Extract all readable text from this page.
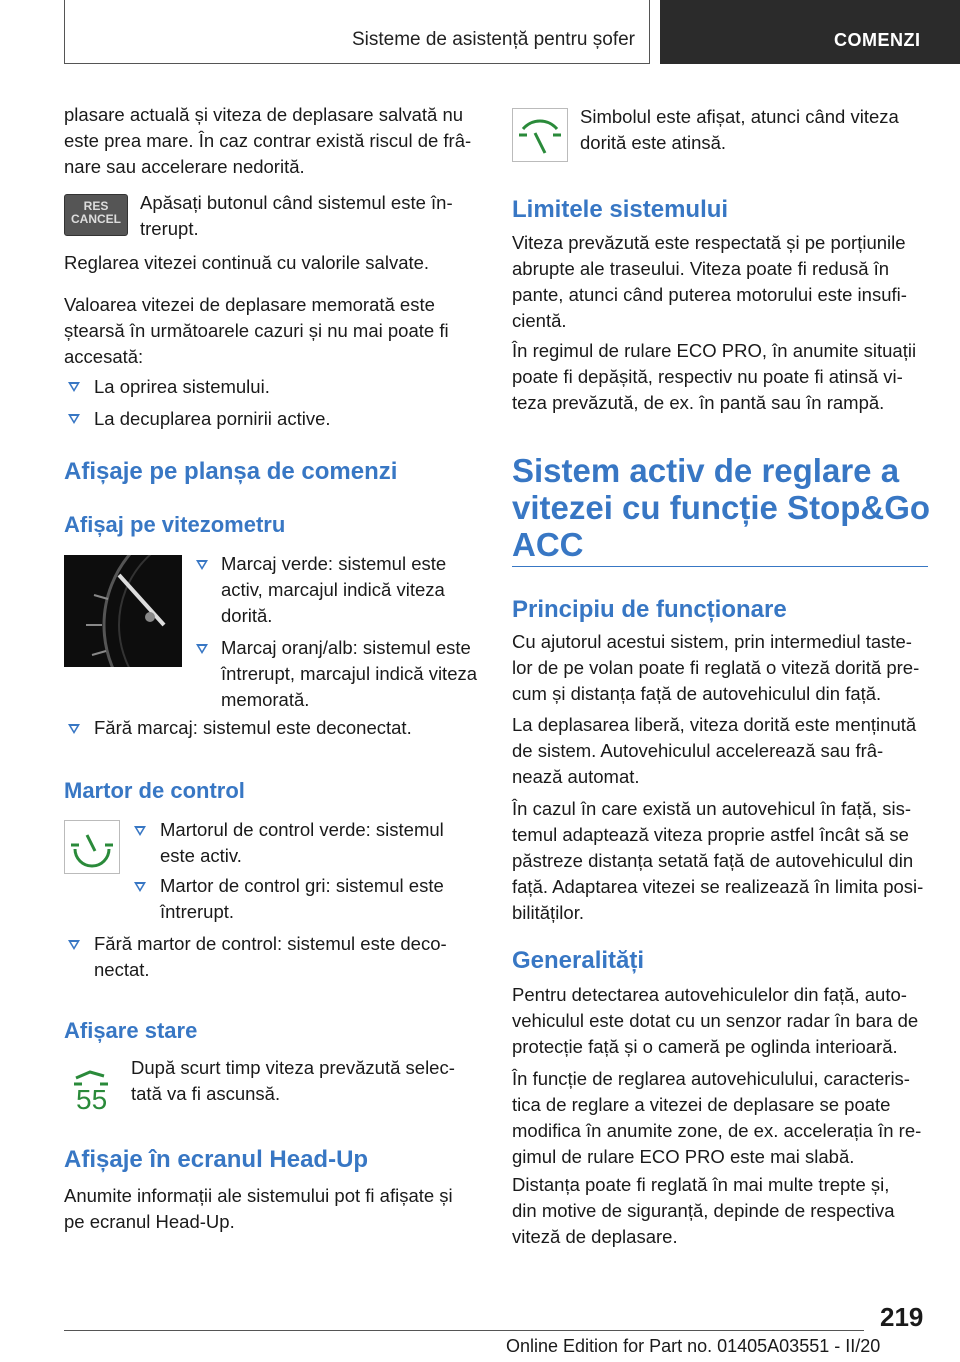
Sisteme de asistență pentru șofer	COMENZI
plasare actuală și viteza de deplasare salvată nu
este prea mare. În caz contrar există riscul de frâ-
nare sau accelerare nedorită.
RES
CANCEL
Apăsați butonul când sistemul este în-
trerupt.
Reglarea vitezei continuă cu valorile salvate.
Valoarea vitezei de deplasare memorată este
ștearsă în următoarele cazuri și nu mai poate fi
accesată:
La oprirea sistemului.
La decuplarea pornirii active.
Afișaje pe planșa de comenzi
Afișaj pe vitezometru
Marcaj verde: sistemul este
activ, marcajul indică viteza
dorită.
Marcaj oranj/alb: sistemul este
întrerupt, marcajul indică viteza
memorată.
Fără marcaj: sistemul este deconectat.
Martor de control
Martorul de control verde: sistemul
este activ.
Martor de control gri: sistemul este
întrerupt.
Fără martor de control: sistemul este deco-
nectat.
Afișare stare
55
După scurt timp viteza prevăzută selec-
tată va fi ascunsă.
Afișaje în ecranul Head-Up
Anumite informații ale sistemului pot fi afișate și
pe ecranul Head-Up.
Simbolul este afișat, atunci când viteza
dorită este atinsă.
Limitele sistemului
Viteza prevăzută este respectată și pe porțiunile
abrupte ale traseului. Viteza poate fi redusă în
pante, atunci când puterea motorului este insufi-
cientă.
În regimul de rulare ECO PRO, în anumite situații
poate fi depășită, respectiv nu poate fi atinsă vi-
teza prevăzută, de ex. în pantă sau în rampă.
Sistem activ de reglare a
vitezei cu funcție Stop&Go
ACC
Principiu de funcționare
Cu ajutorul acestui sistem, prin intermediul taste-
lor de pe volan poate fi reglată o viteză dorită pre-
cum și distanța față de autovehiculul din față.
La deplasarea liberă, viteza dorită este menținută
de sistem. Autovehiculul accelerează sau frâ-
nează automat.
În cazul în care există un autovehicul în față, sis-
temul adaptează viteza proprie astfel încât să se
păstreze distanța setată față de autovehiculul din
față. Adaptarea vitezei se realizează în limita posi-
bilităților.
Generalități
Pentru detectarea autovehiculelor din față, auto-
vehiculul este dotat cu un senzor radar în bara de
protecție față și o cameră pe oglinda interioară.
În funcție de reglarea autovehiculului, caracteris-
tica de reglare a vitezei de deplasare se poate
modifica în anumite zone, de ex. accelerația în re-
gimul de rulare ECO PRO este mai slabă.
Distanța poate fi reglată în mai multe trepte și,
din motive de siguranță, depinde de respectiva
viteză de deplasare.
219
Online Edition for Part no. 01405A03551 - II/20
